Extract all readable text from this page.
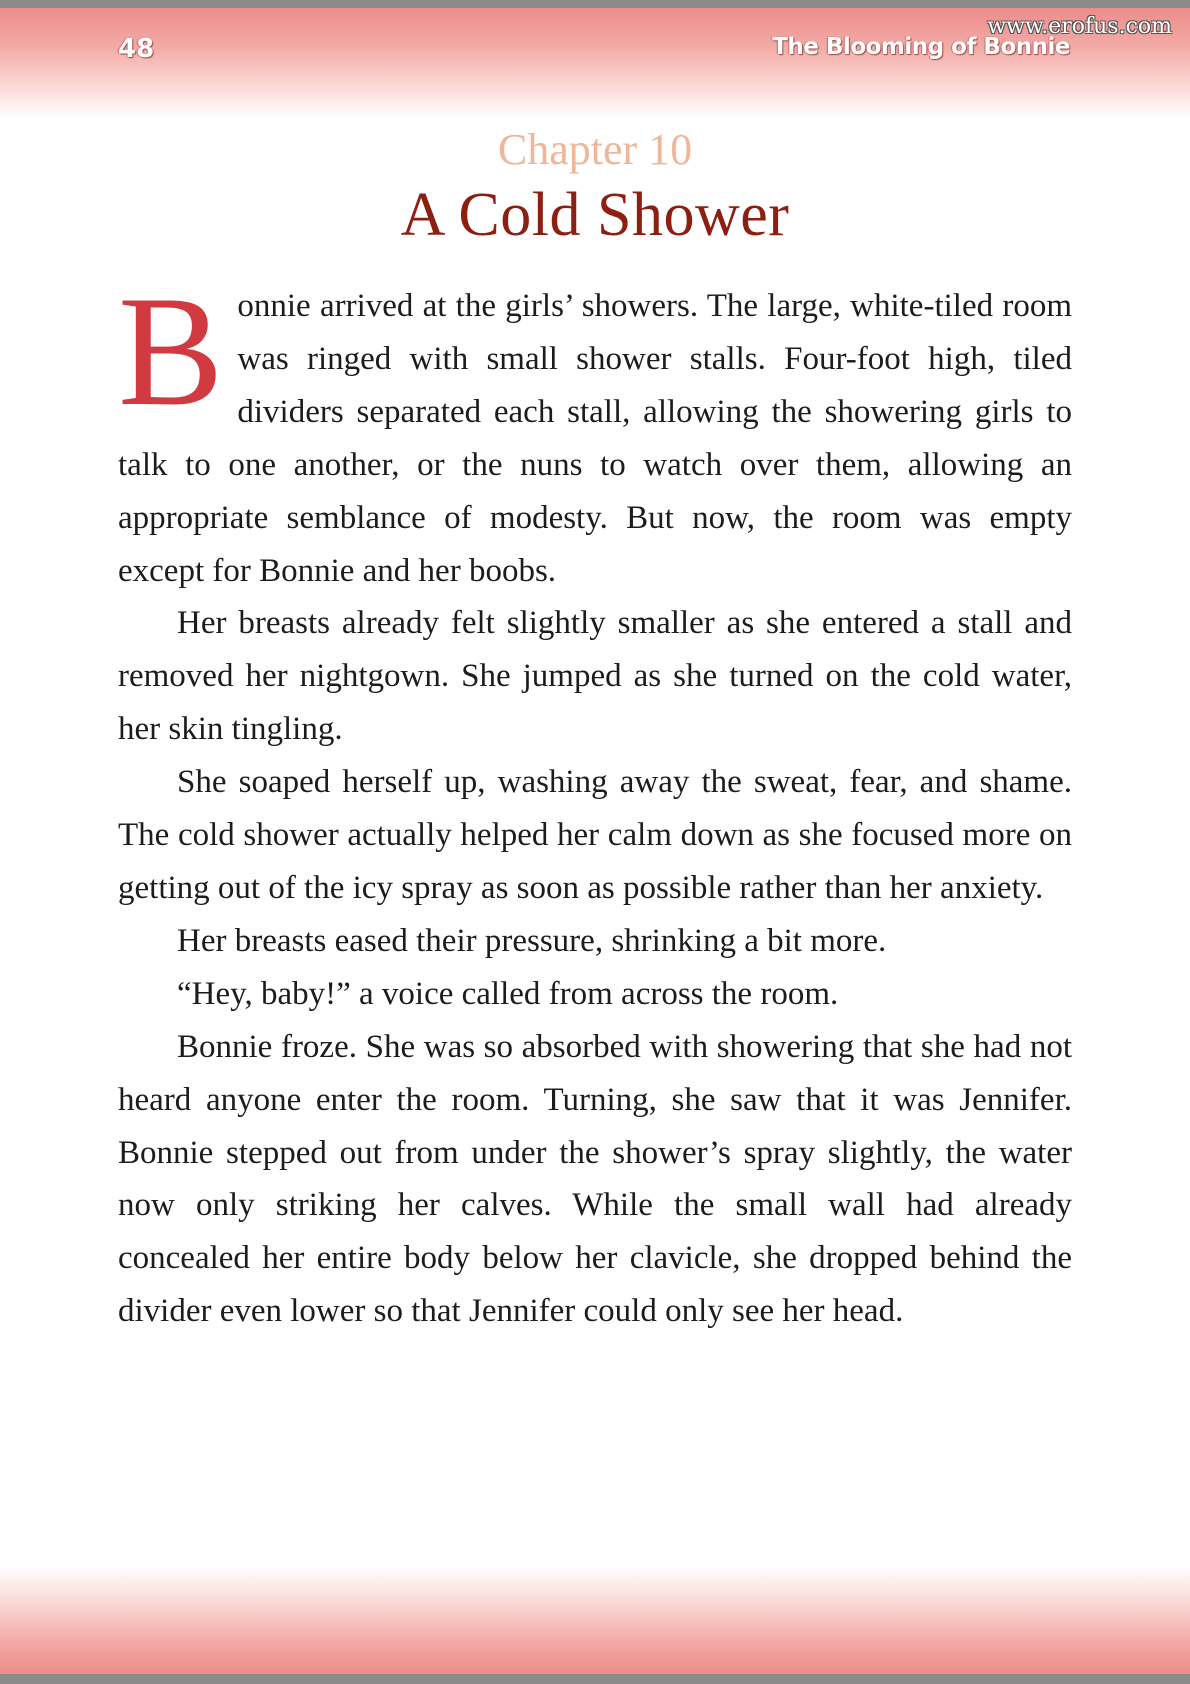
48	The Blooming of Bonnie
www.erofus.com
Chapter 10
A Cold Shower

Bonnie arrived at the girls’ showers. The large, white-tiled room was ringed with small shower stalls. Four-foot high, tiled dividers separated each stall, allowing the showering girls to talk to one another, or the nuns to watch over them, allowing an appropriate semblance of modesty. But now, the room was empty except for Bonnie and her boobs.

Her breasts already felt slightly smaller as she entered a stall and removed her nightgown. She jumped as she turned on the cold water, her skin tingling.

She soaped herself up, washing away the sweat, fear, and shame. The cold shower actually helped her calm down as she focused more on getting out of the icy spray as soon as possible rather than her anxiety.

Her breasts eased their pressure, shrinking a bit more.

“Hey, baby!” a voice called from across the room.

Bonnie froze. She was so absorbed with showering that she had not heard anyone enter the room. Turning, she saw that it was Jennifer. Bonnie stepped out from under the shower’s spray slightly, the water now only striking her calves. While the small wall had already concealed her entire body below her clavicle, she dropped behind the divider even lower so that Jennifer could only see her head.
